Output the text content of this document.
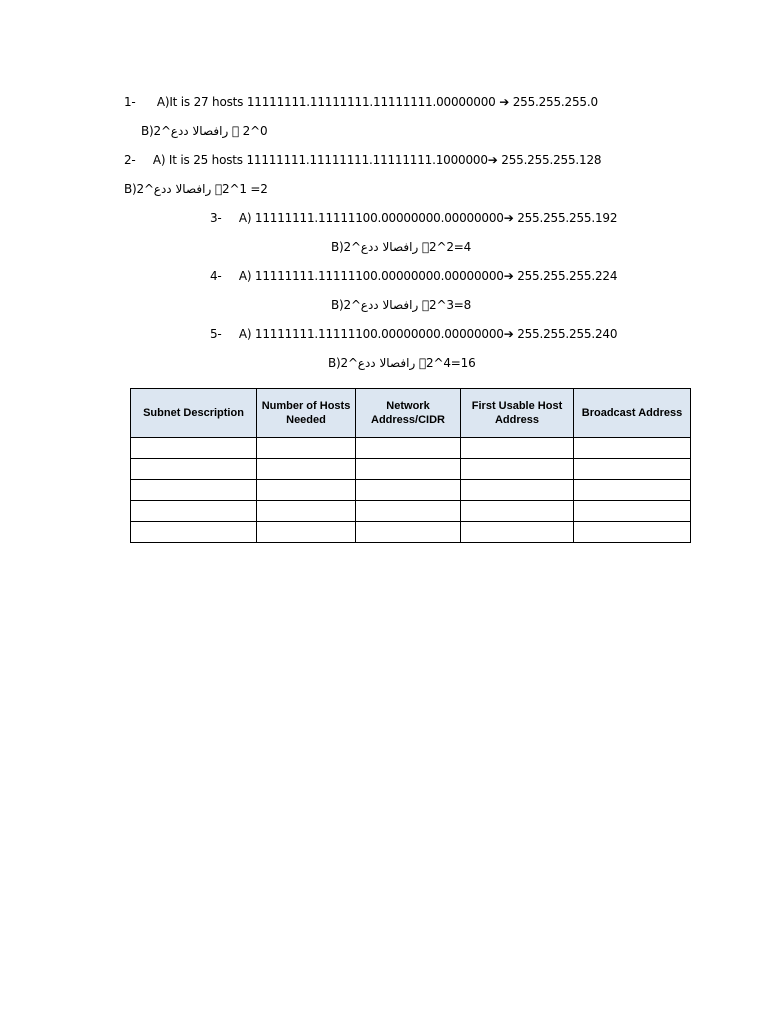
1- A)It is 27 hosts 11111111.11111111.11111111.00000000 ➔ 255.255.255.0
B)2^عدد الاصفار 2^0
2- A) It is 25 hosts 11111111.11111111.11111111.1000000➔ 255.255.255.128
B)2^عدد الاصفار 2^1 =2
3- A) 11111111.11111100.00000000.00000000➔ 255.255.255.192
B)2^عدد الاصفار 2^2=4
4- A) 11111111.11111100.00000000.00000000➔ 255.255.255.224
B)2^عدد الاصفار 2^3=8
5- A) 11111111.11111100.00000000.00000000➔ 255.255.255.240
B)2^عدد الاصفار 2^4=16
Subnet Description	Number of Hosts Needed	Network Address/CIDR	First Usable Host Address	Broadcast Address
